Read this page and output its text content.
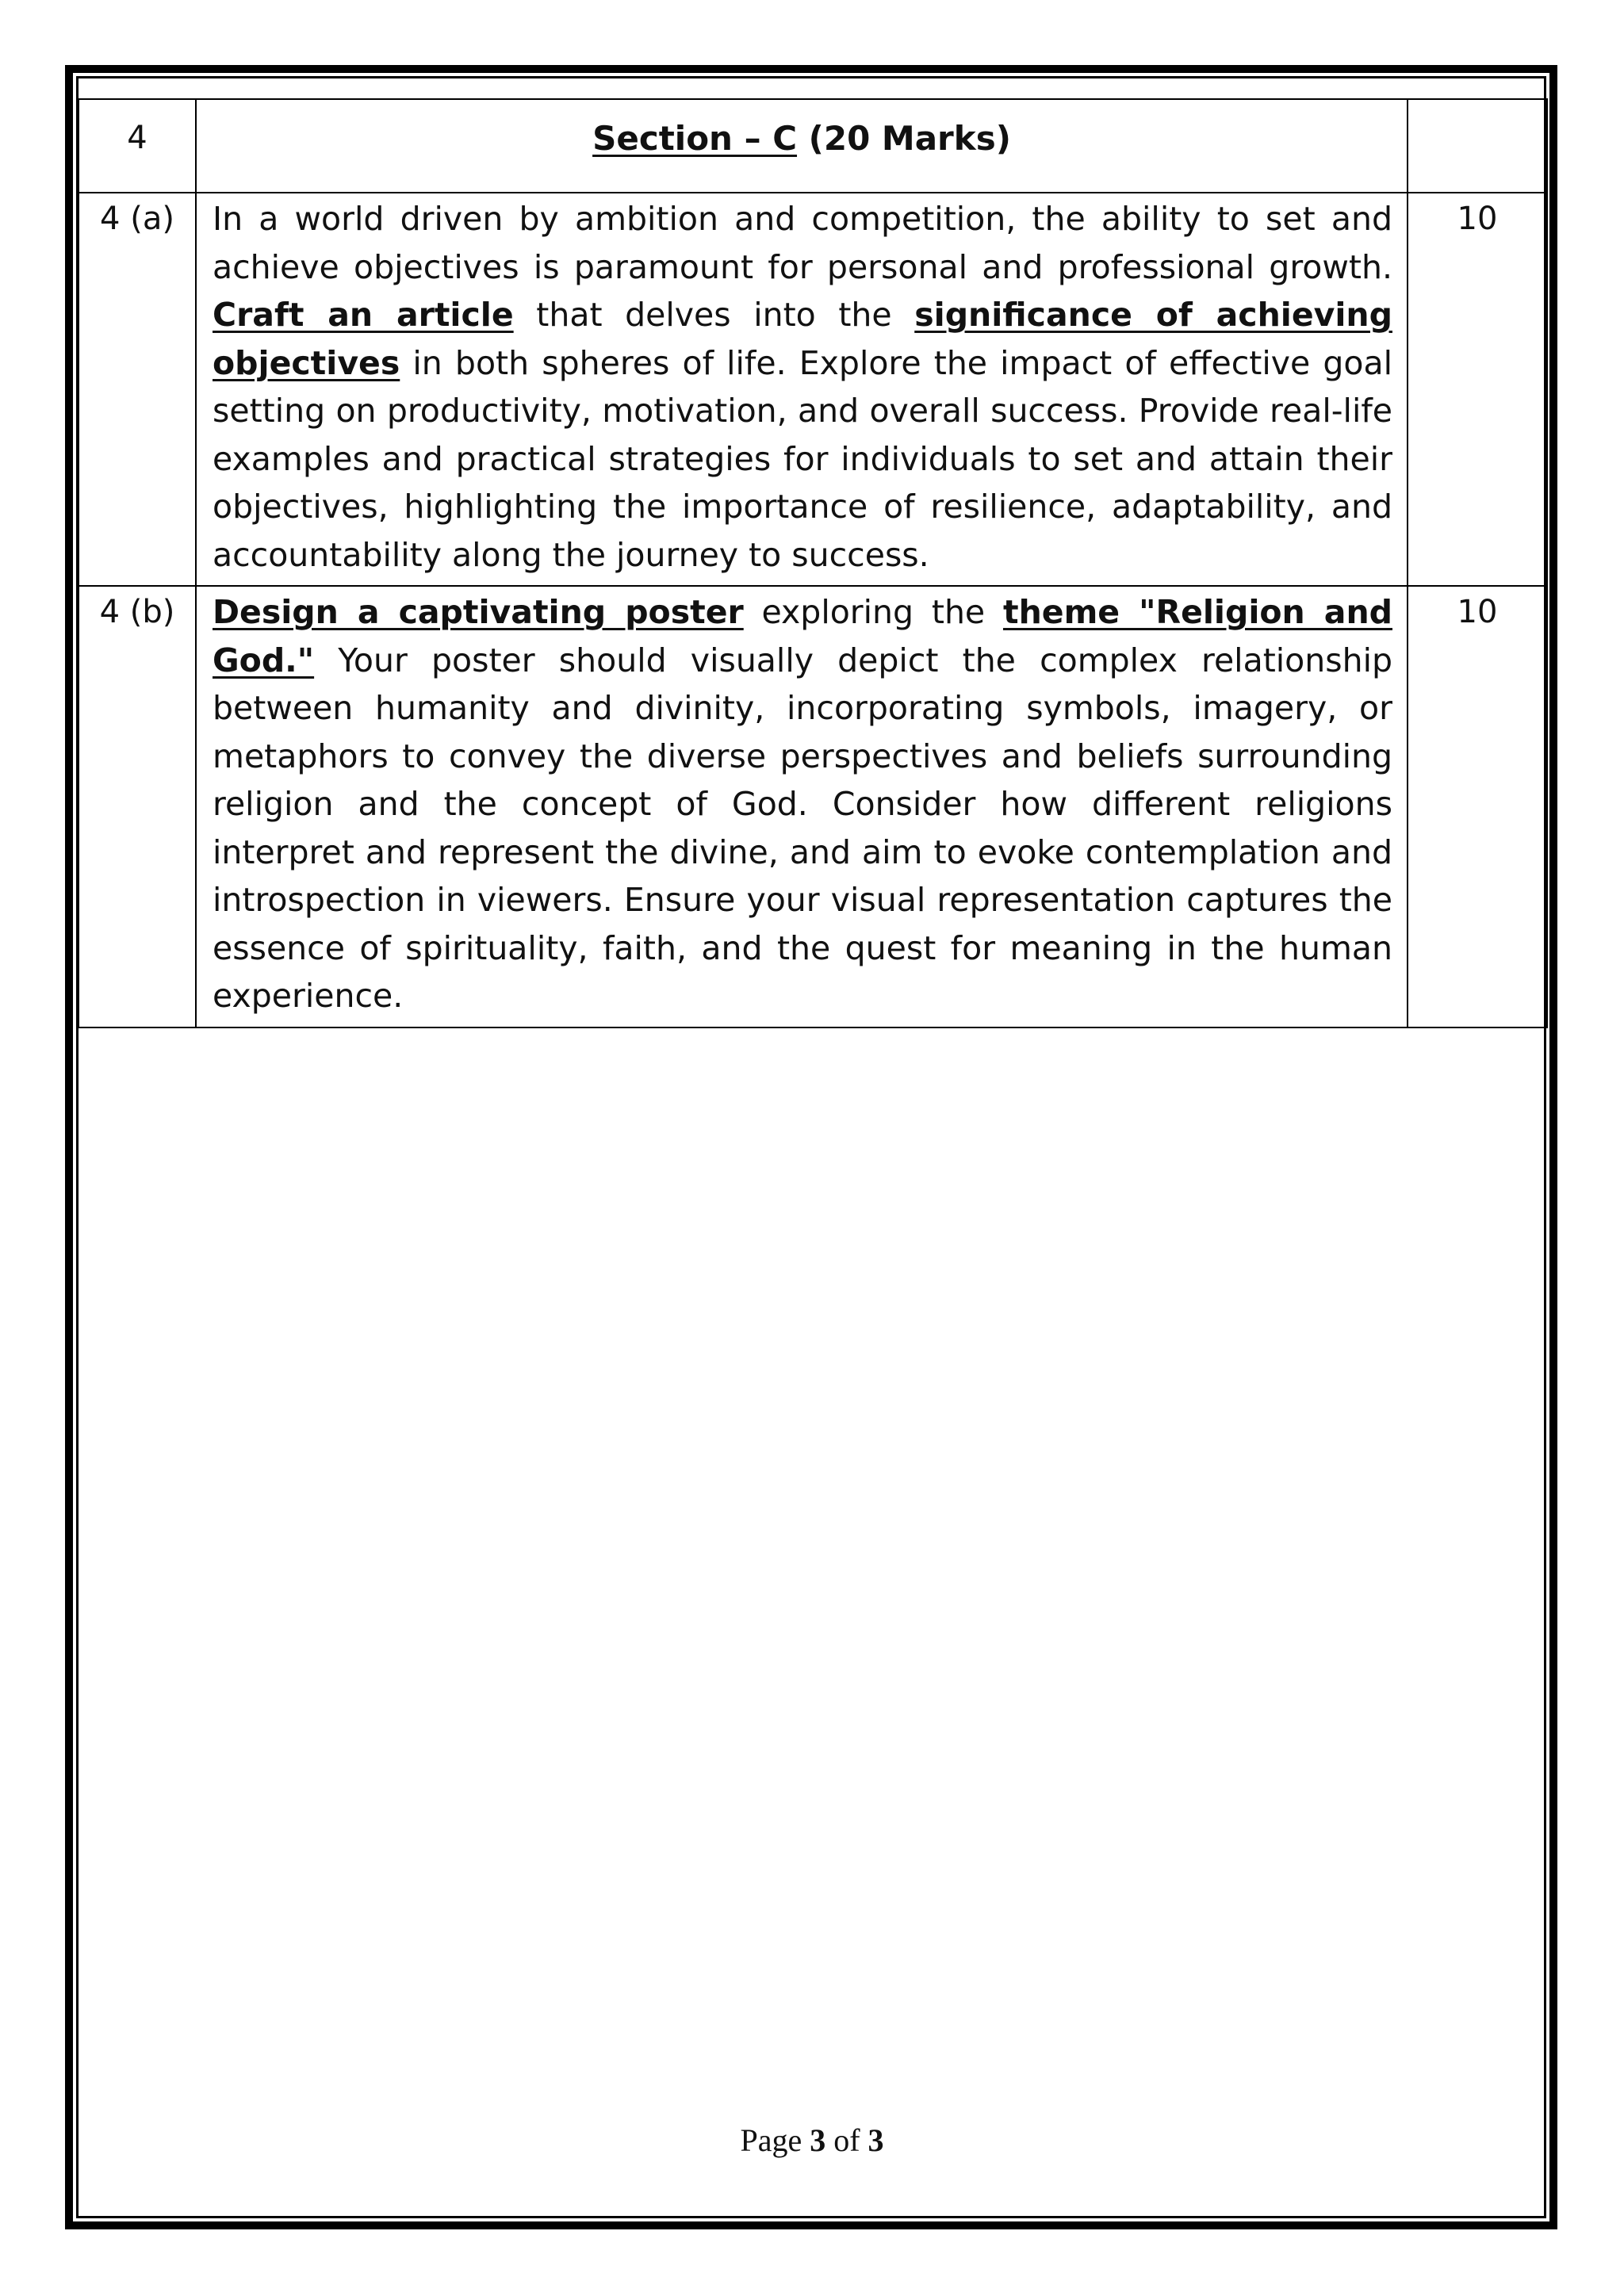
4	Section – C (20 Marks)	
4 (a)	In a world driven by ambition and competition, the ability to set and achieve objectives is paramount for personal and professional growth. Craft an article that delves into the significance of achieving objectives in both spheres of life. Explore the impact of effective goal setting on productivity, motivation, and overall success. Provide real-life examples and practical strategies for individuals to set and attain their objectives, highlighting the importance of resilience, adaptability, and accountability along the journey to success.	10
4 (b)	Design a captivating poster exploring the theme "Religion and God." Your poster should visually depict the complex relationship between humanity and divinity, incorporating symbols, imagery, or metaphors to convey the diverse perspectives and beliefs surrounding religion and the concept of God. Consider how different religions interpret and represent the divine, and aim to evoke contemplation and introspection in viewers. Ensure your visual representation captures the essence of spirituality, faith, and the quest for meaning in the human experience.	10
Page 3 of 3
